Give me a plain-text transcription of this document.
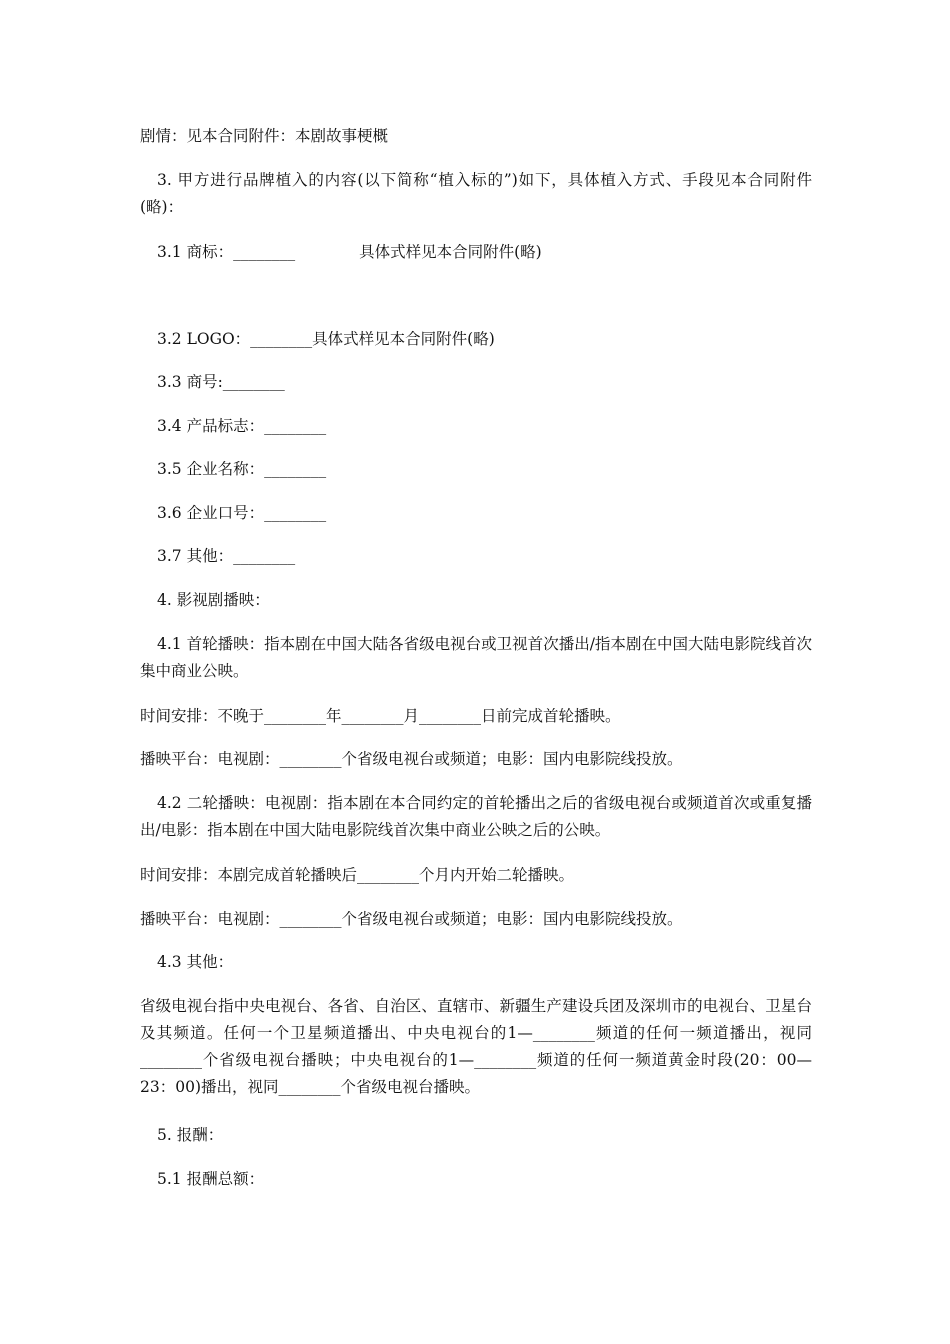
剧情：见本合同附件：本剧故事梗概
3. 甲方进行品牌植入的内容(以下简称“植入标的”)如下，具体植入方式、手段见本合同附件(略)：
3.1 商标：________	具体式样见本合同附件(略)
3.2 LOGO：________具体式样见本合同附件(略)
3.3 商号:________
3.4 产品标志：________
3.5 企业名称：________
3.6 企业口号：________
3.7 其他：________
4. 影视剧播映：
4.1 首轮播映：指本剧在中国大陆各省级电视台或卫视首次播出/指本剧在中国大陆电影院线首次集中商业公映。
时间安排：不晚于________年________月________日前完成首轮播映。
播映平台：电视剧：________个省级电视台或频道；电影：国内电影院线投放。
4.2 二轮播映：电视剧：指本剧在本合同约定的首轮播出之后的省级电视台或频道首次或重复播出/电影：指本剧在中国大陆电影院线首次集中商业公映之后的公映。
时间安排：本剧完成首轮播映后________个月内开始二轮播映。
播映平台：电视剧：________个省级电视台或频道；电影：国内电影院线投放。
4.3 其他：
省级电视台指中央电视台、各省、自治区、直辖市、新疆生产建设兵团及深圳市的电视台、卫星台及其频道。任何一个卫星频道播出、中央电视台的1—________频道的任何一频道播出，视同________个省级电视台播映；中央电视台的1—________频道的任何一频道黄金时段(20：00—23：00)播出，视同________个省级电视台播映。
5. 报酬：
5.1 报酬总额：
